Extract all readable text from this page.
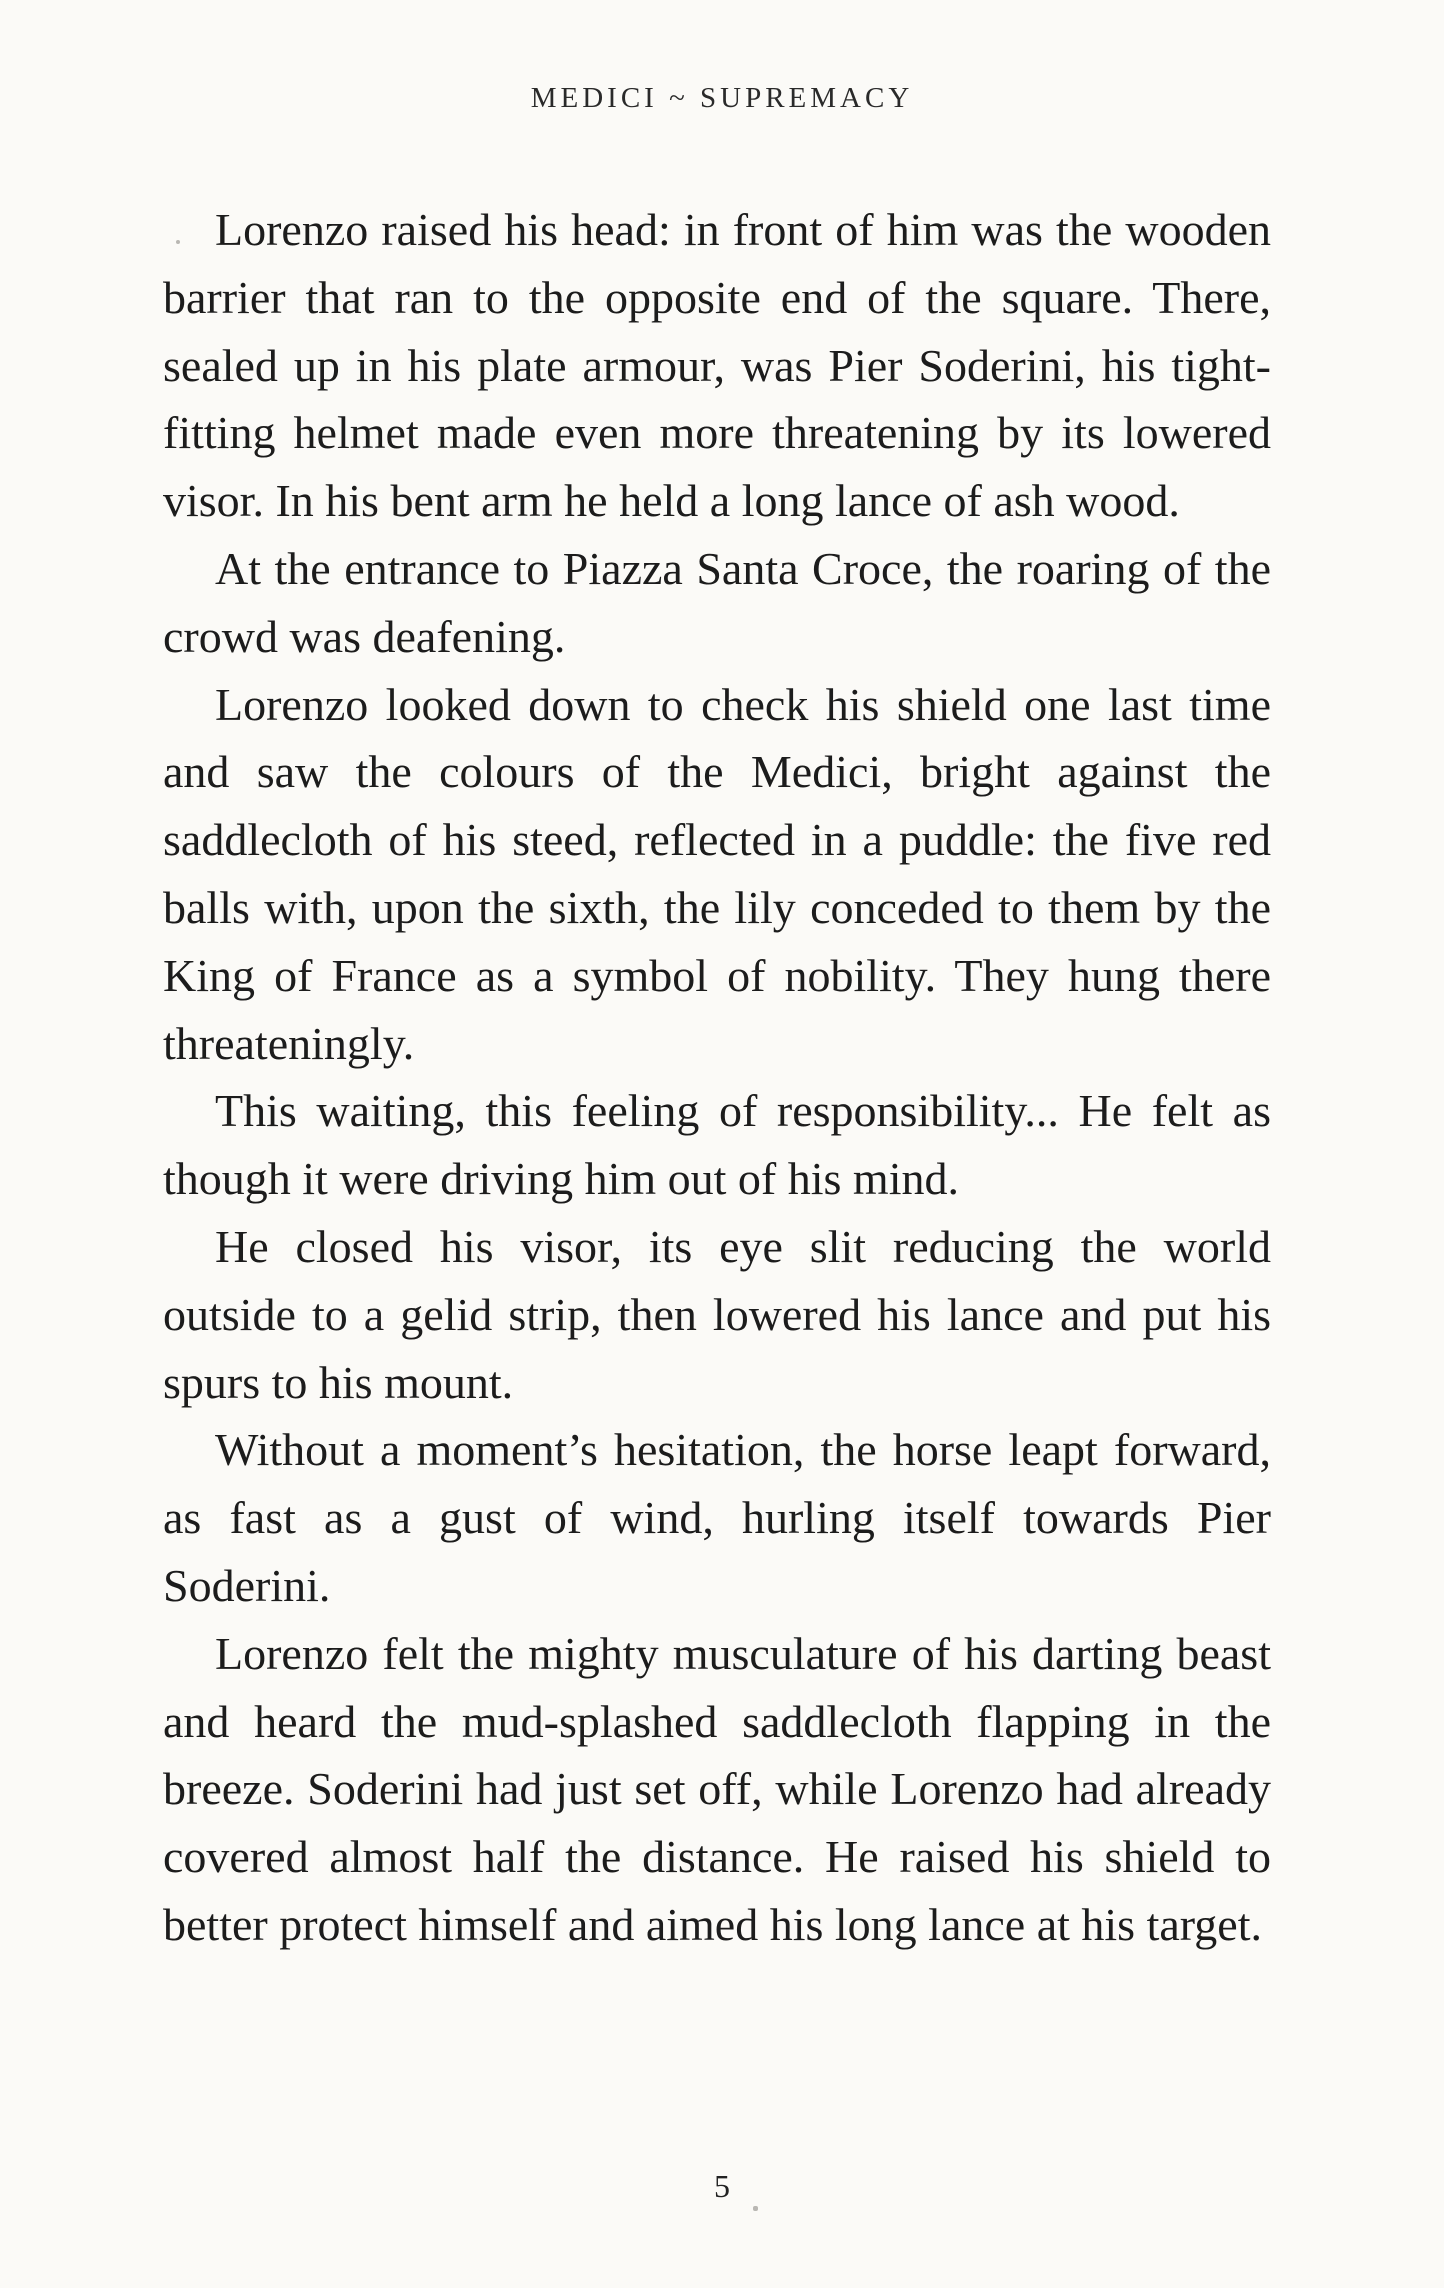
MEDICI ~ SUPREMACY

Lorenzo raised his head: in front of him was the wooden barrier that ran to the opposite end of the square. There, sealed up in his plate armour, was Pier Soderini, his tight-fitting helmet made even more threatening by its lowered visor. In his bent arm he held a long lance of ash wood.

At the entrance to Piazza Santa Croce, the roaring of the crowd was deafening.

Lorenzo looked down to check his shield one last time and saw the colours of the Medici, bright against the saddlecloth of his steed, reflected in a puddle: the five red balls with, upon the sixth, the lily conceded to them by the King of France as a symbol of nobility. They hung there threateningly.

This waiting, this feeling of responsibility... He felt as though it were driving him out of his mind.

He closed his visor, its eye slit reducing the world outside to a gelid strip, then lowered his lance and put his spurs to his mount.

Without a moment’s hesitation, the horse leapt forward, as fast as a gust of wind, hurling itself towards Pier Soderini.

Lorenzo felt the mighty musculature of his darting beast and heard the mud-splashed saddlecloth flapping in the breeze. Soderini had just set off, while Lorenzo had already covered almost half the distance. He raised his shield to better protect himself and aimed his long lance at his target.

5
